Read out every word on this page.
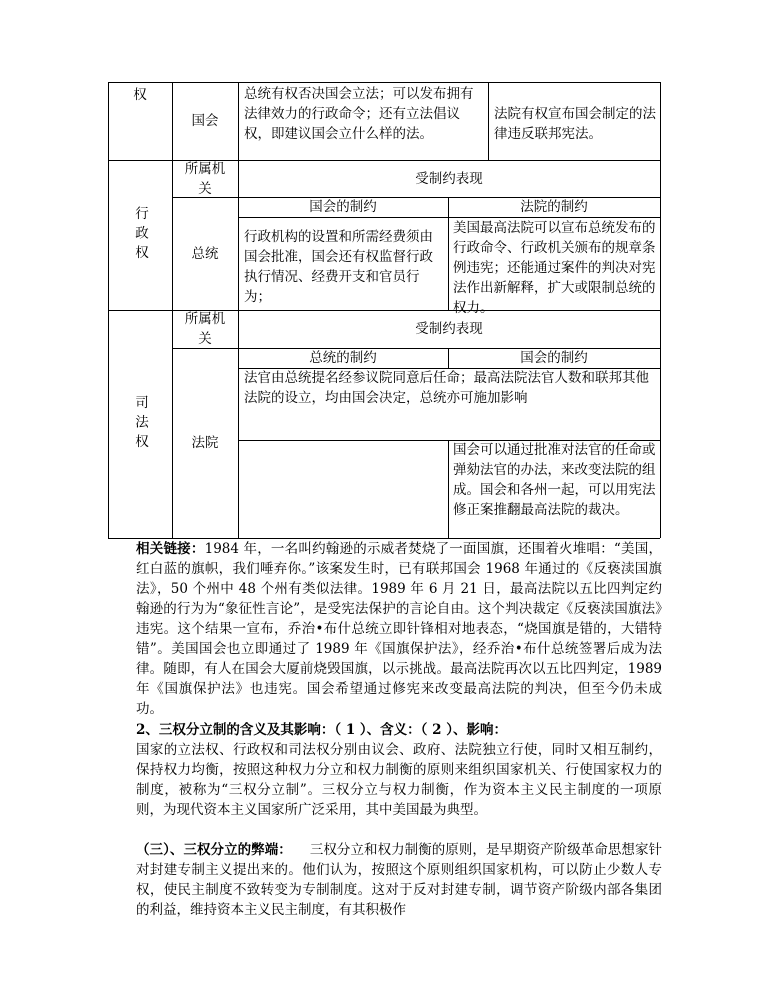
权
国会
总统有权否决国会立法；可以发布拥有法律效力的行政命令；还有立法倡议权，即建议国会立什么样的法。
法院有权宣布国会制定的法律违反联邦宪法。
行政权
所属机关
受制约表现
国会的制约	法院的制约
总统
行政机构的设置和所需经费须由国会批准，国会还有权监督行政执行情况、经费开支和官员行为；
美国最高法院可以宣布总统发布的行政命令、行政机关颁布的规章条例违宪；还能通过案件的判决对宪法作出新解释，扩大或限制总统的权力。
司法权
所属机关
受制约表现
总统的制约	国会的制约
法院
法官由总统提名经参议院同意后任命；最高法院法官人数和联邦其他法院的设立，均由国会决定，总统亦可施加影响
国会可以通过批准对法官的任命或弹劾法官的办法，来改变法院的组成。国会和各州一起，可以用宪法修正案推翻最高法院的裁决。
相关链接：1984 年，一名叫约翰逊的示威者焚烧了一面国旗，还围着火堆唱：“美国，红白蓝的旗帜，我们唾弃你。”该案发生时，已有联邦国会 1968 年通过的《反亵渎国旗法》，50 个州中 48 个州有类似法律。1989 年 6 月 21 日，最高法院以五比四判定约翰逊的行为为“象征性言论”，是受宪法保护的言论自由。这个判决裁定《反亵渎国旗法》违宪。这个结果一宣布，乔治•布什总统立即针锋相对地表态，“烧国旗是错的，大错特错”。美国国会也立即通过了 1989 年《国旗保护法》，经乔治•布什总统签署后成为法律。随即，有人在国会大厦前烧毁国旗，以示挑战。最高法院再次以五比四判定，1989 年《国旗保护法》也违宪。国会希望通过修宪来改变最高法院的判决，但至今仍未成功。
2、三权分立制的含义及其影响：（ 1 ）、含义：（ 2 ）、影响：
国家的立法权、行政权和司法权分别由议会、政府、法院独立行使，同时又相互制约，保持权力均衡，按照这种权力分立和权力制衡的原则来组织国家机关、行使国家权力的制度，被称为“三权分立制”。三权分立与权力制衡，作为资本主义民主制度的一项原则，为现代资本主义国家所广泛采用，其中美国最为典型。
（三）、三权分立的弊端： 三权分立和权力制衡的原则，是早期资产阶级革命思想家针对封建专制主义提出来的。他们认为，按照这个原则组织国家机构，可以防止少数人专权，使民主制度不致转变为专制制度。这对于反对封建专制，调节资产阶级内部各集团的利益，维持资本主义民主制度，有其积极作
